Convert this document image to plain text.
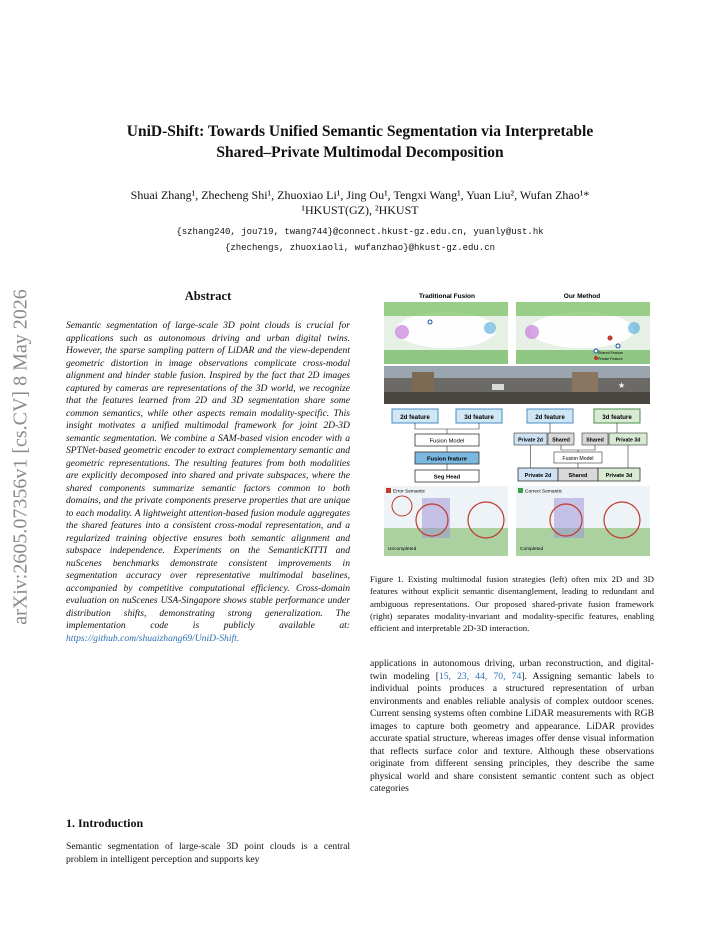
UniD-Shift: Towards Unified Semantic Segmentation via Interpretable
Shared–Private Multimodal Decomposition
Shuai Zhang¹, Zhecheng Shi¹, Zhuoxiao Li¹, Jing Ou¹, Tengxi Wang¹, Yuan Liu², Wufan Zhao¹*
¹HKUST(GZ), ²HKUST
{szhang240, jou719, twang744}@connect.hkust-gz.edu.cn, yuanly@ust.hk
{zhechengs, zhuoxiaoli, wufanzhao}@hkust-gz.edu.cn
arXiv:2605.07356v1 [cs.CV] 8 May 2026	Abstract
Semantic segmentation of large-scale 3D point clouds is crucial for applications such as autonomous driving and urban digital twins. However, the sparse sampling pattern of LiDAR and the view-dependent geometric distortion in image observations complicate cross-modal alignment and hinder stable fusion. Inspired by the fact that 2D images captured by cameras are representations of the 3D world, we recognize that the features learned from 2D and 3D segmentation share some common semantics, while other aspects remain modality-specific. This insight motivates a unified multimodal framework for joint 2D-3D semantic segmentation. We combine a SAM-based vision encoder with a SPTNet-based geometric encoder to extract complementary semantic and geometric representations. The resulting features from both modalities are explicitly decomposed into shared and private subspaces, where the shared components summarize semantic factors common to both domains, and the private components preserve properties that are unique to each modality. A lightweight attention-based fusion module aggregates the shared features into a consistent cross-modal representation, and a regularized training objective ensures both semantic alignment and subspace independence. Experiments on the SemanticKITTI and nuScenes benchmarks demonstrate consistent improvements in segmentation accuracy over representative multimodal baselines, accompanied by competitive computational efficiency. Cross-domain evaluation on nuScenes USA-Singapore shows stable performance under distribution shifts, demonstrating strong generalization. The implementation code is publicly available at: https://github.com/shuaizhang69/UniD-Shift.
1. Introduction
Semantic segmentation of large-scale 3D point clouds is a central problem in intelligent perception and supports key
Traditional Fusion	Our Method
Shared Feature
Private Feature
★
2d feature	3d feature
Fusion Model
Fusion feature
Seg Head
2d feature	3d feature
Private 2d Shared	Shared Private 3d
Fusion Model
Private 2d	Shared	Private 3d
Error Semantic
Uncompleted
Correct Semantic
Completed
Figure 1. Existing multimodal fusion strategies (left) often mix 2D and 3D features without explicit semantic disentanglement, leading to redundant and ambiguous representations. Our proposed shared-private fusion framework (right) separates modality-invariant and modality-specific features, enabling efficient and interpretable 2D-3D interaction.
applications in autonomous driving, urban reconstruction, and digital-twin modeling [15, 23, 44, 70, 74]. Assigning semantic labels to individual points produces a structured representation of urban environments and enables reliable analysis of complex outdoor scenes. Current sensing systems often combine LiDAR measurements with RGB images to capture both geometry and appearance. LiDAR provides accurate spatial structure, whereas images offer dense visual information that reflects surface color and texture. Although these observations originate from different sensing principles, they describe the same physical world and share consistent semantic content such as object categories
